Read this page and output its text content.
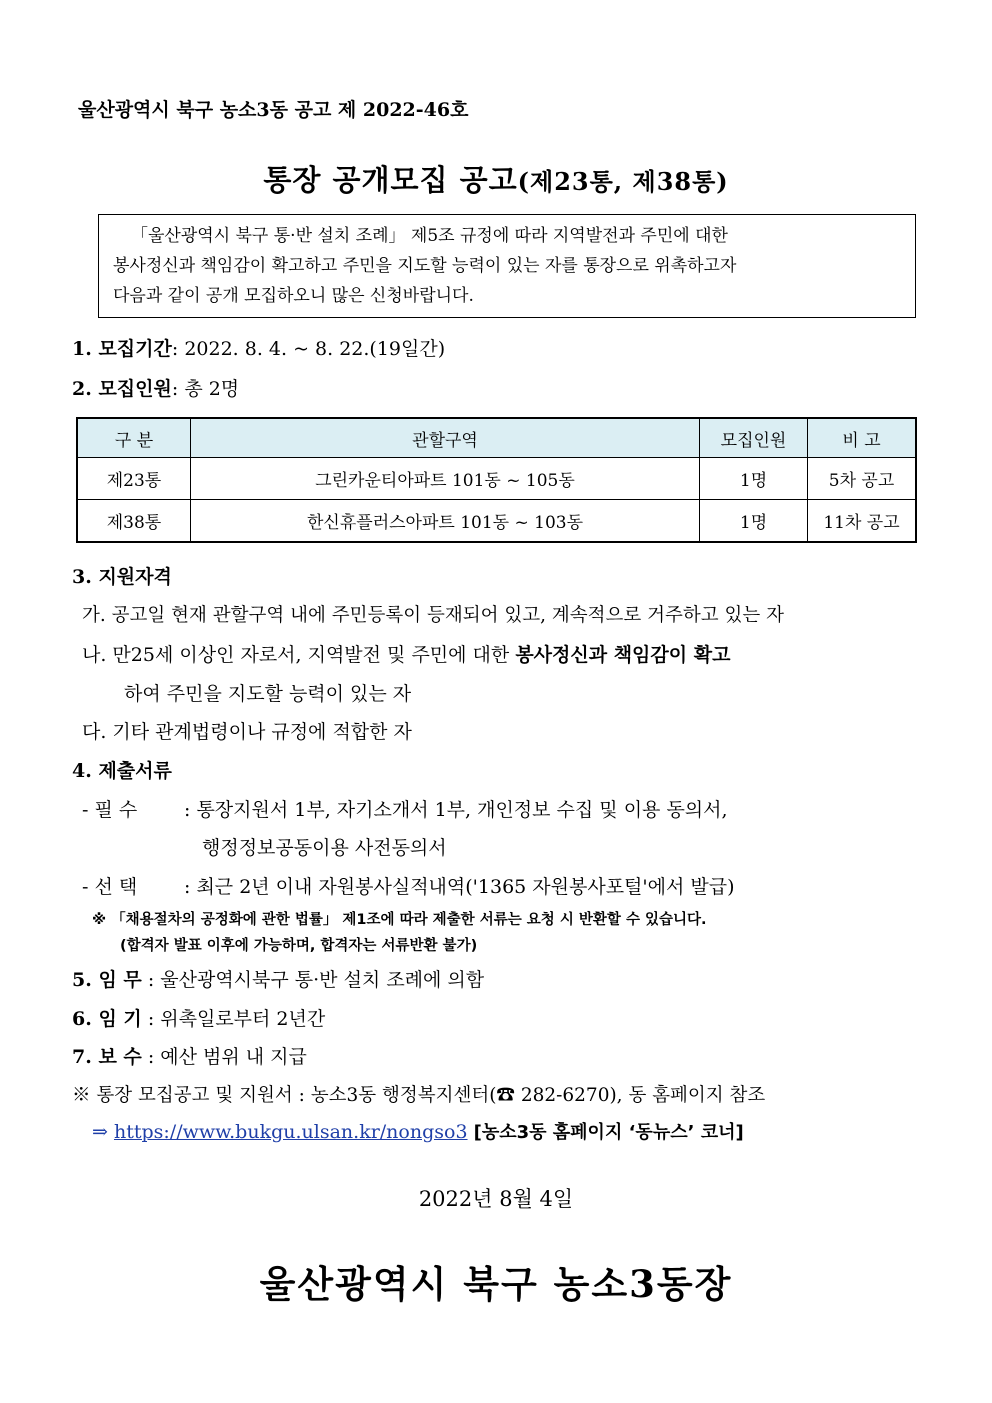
울산광역시 북구 농소3동 공고 제 2022-46호
통장 공개모집 공고(제23통, 제38통)
「울산광역시 북구 통·반 설치 조례」 제5조 규정에 따라 지역발전과 주민에 대한
봉사정신과 책임감이 확고하고 주민을 지도할 능력이 있는 자를 통장으로 위촉하고자
다음과 같이 공개 모집하오니 많은 신청바랍니다.
1. 모집기간: 2022. 8. 4. ~ 8. 22.(19일간)
2. 모집인원: 총 2명
구 분	관할구역	모집인원	비 고
제23통	그린카운티아파트 101동 ~ 105동	1명	5차 공고
제38통	한신휴플러스아파트 101동 ~ 103동	1명	11차 공고
3. 지원자격
가. 공고일 현재 관할구역 내에 주민등록이 등재되어 있고, 계속적으로 거주하고 있는 자
나. 만25세 이상인 자로서, 지역발전 및 주민에 대한 봉사정신과 책임감이 확고
하여 주민을 지도할 능력이 있는 자
다. 기타 관계법령이나 규정에 적합한 자
4. 제출서류
- 필 수 : 통장지원서 1부, 자기소개서 1부, 개인정보 수집 및 이용 동의서,
행정정보공동이용 사전동의서
- 선 택 : 최근 2년 이내 자원봉사실적내역('1365 자원봉사포털'에서 발급)
※ 「채용절차의 공정화에 관한 법률」 제1조에 따라 제출한 서류는 요청 시 반환할 수 있습니다.
(합격자 발표 이후에 가능하며, 합격자는 서류반환 불가)
5. 임 무 : 울산광역시북구 통·반 설치 조례에 의함
6. 임 기 : 위촉일로부터 2년간
7. 보 수 : 예산 범위 내 지급
※ 통장 모집공고 및 지원서 : 농소3동 행정복지센터(☎ 282-6270), 동 홈페이지 참조
⇒ https://www.bukgu.ulsan.kr/nongso3 [농소3동 홈페이지 ‘동뉴스’ 코너]
2022년 8월 4일
울산광역시 북구 농소3동장
